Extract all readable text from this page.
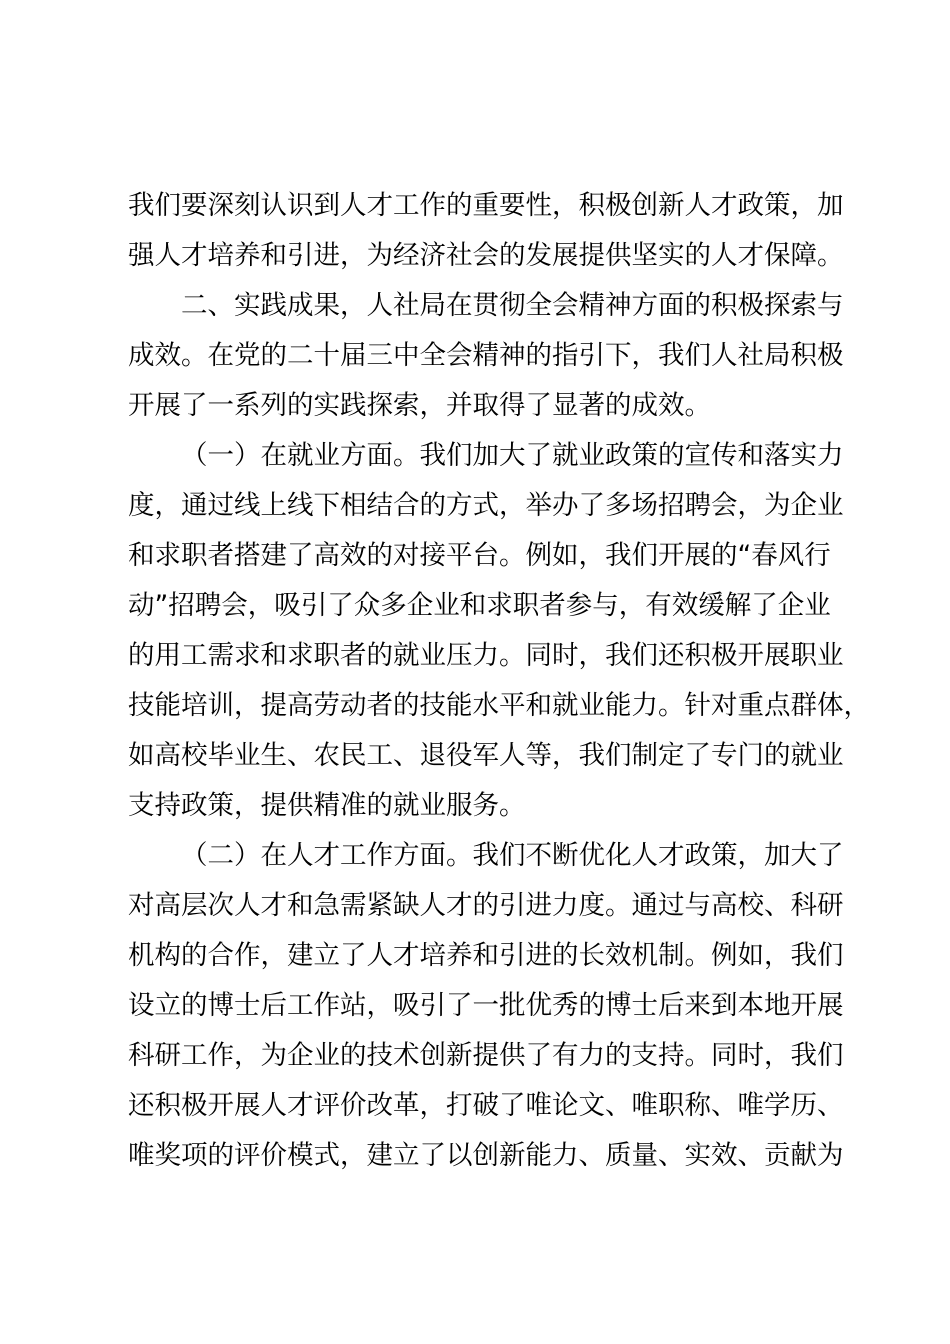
我们要深刻认识到人才工作的重要性，积极创新人才政策，加
强人才培养和引进，为经济社会的发展提供坚实的人才保障。
二、实践成果，人社局在贯彻全会精神方面的积极探索与
成效。在党的二十届三中全会精神的指引下，我们人社局积极
开展了一系列的实践探索，并取得了显著的成效。
（一）在就业方面。我们加大了就业政策的宣传和落实力
度，通过线上线下相结合的方式，举办了多场招聘会，为企业
和求职者搭建了高效的对接平台。例如，我们开展的“春风行
动”招聘会，吸引了众多企业和求职者参与，有效缓解了企业
的用工需求和求职者的就业压力。同时，我们还积极开展职业
技能培训，提高劳动者的技能水平和就业能力。针对重点群体，
如高校毕业生、农民工、退役军人等，我们制定了专门的就业
支持政策，提供精准的就业服务。
（二）在人才工作方面。我们不断优化人才政策，加大了
对高层次人才和急需紧缺人才的引进力度。通过与高校、科研
机构的合作，建立了人才培养和引进的长效机制。例如，我们
设立的博士后工作站，吸引了一批优秀的博士后来到本地开展
科研工作，为企业的技术创新提供了有力的支持。同时，我们
还积极开展人才评价改革，打破了唯论文、唯职称、唯学历、
唯奖项的评价模式，建立了以创新能力、质量、实效、贡献为
